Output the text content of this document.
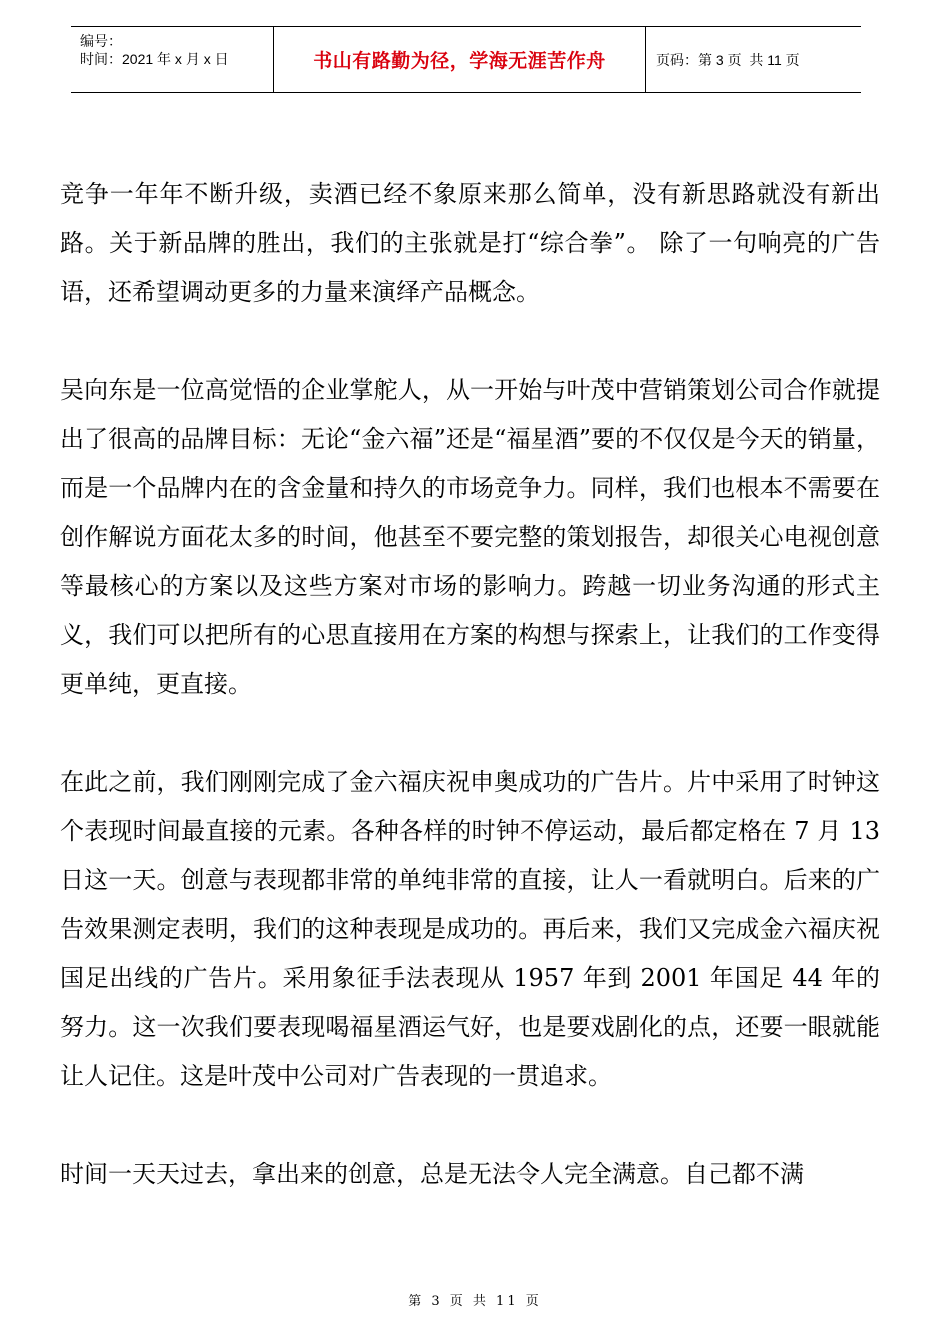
编号：
时间：2021 年 x 月 x 日	书山有路勤为径，学海无涯苦作舟	页码：第 3 页  共 11 页

竞争一年年不断升级，卖酒已经不象原来那么简单，没有新思路就没有新出路。关于新品牌的胜出，我们的主张就是打“综合拳”。 除了一句响亮的广告语，还希望调动更多的力量来演绎产品概念。

吴向东是一位高觉悟的企业掌舵人，从一开始与叶茂中营销策划公司合作就提出了很高的品牌目标：无论“金六福”还是“福星酒”要的不仅仅是今天的销量，而是一个品牌内在的含金量和持久的市场竞争力。同样，我们也根本不需要在创作解说方面花太多的时间，他甚至不要完整的策划报告，却很关心电视创意等最核心的方案以及这些方案对市场的影响力。跨越一切业务沟通的形式主义，我们可以把所有的心思直接用在方案的构想与探索上，让我们的工作变得更单纯，更直接。

在此之前，我们刚刚完成了金六福庆祝申奥成功的广告片。片中采用了时钟这个表现时间最直接的元素。各种各样的时钟不停运动，最后都定格在 7 月 13 日这一天。创意与表现都非常的单纯非常的直接，让人一看就明白。后来的广告效果测定表明，我们的这种表现是成功的。再后来，我们又完成金六福庆祝国足出线的广告片。采用象征手法表现从 1957 年到 2001 年国足 44 年的努力。这一次我们要表现喝福星酒运气好，也是要戏剧化的点，还要一眼就能让人记住。这是叶茂中公司对广告表现的一贯追求。

时间一天天过去，拿出来的创意，总是无法令人完全满意。自己都不满

第 3 页 共 11 页
